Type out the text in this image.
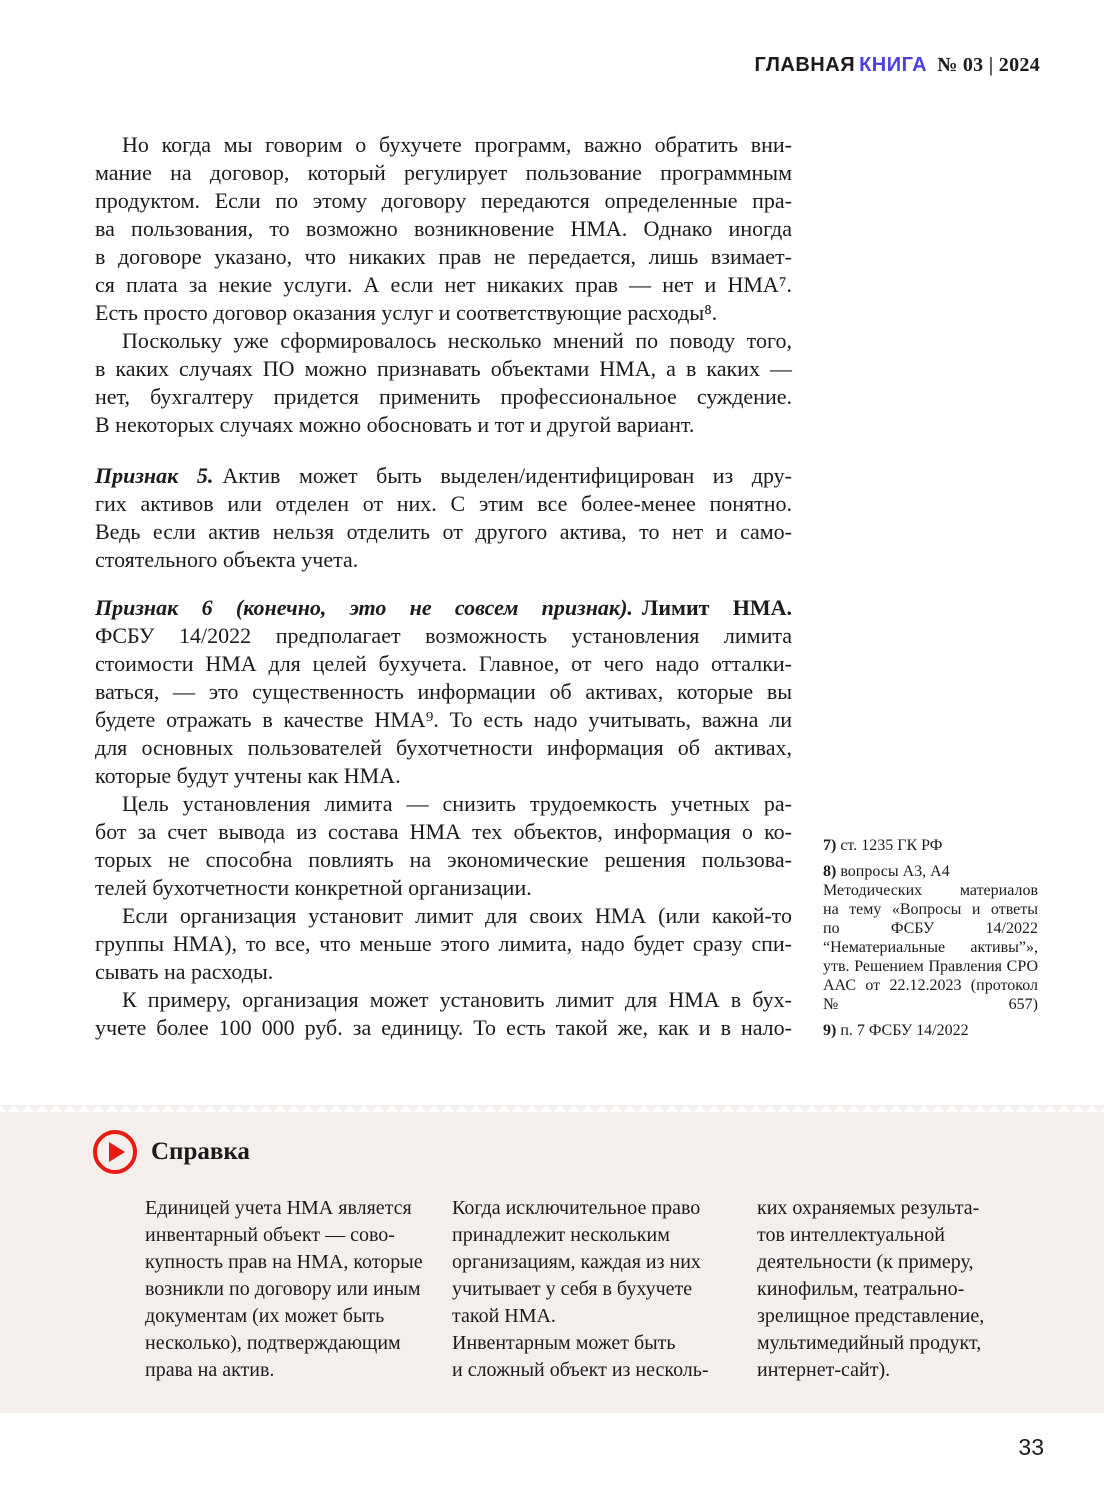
ГЛАВНАЯ КНИГА № 03 | 2024
Но когда мы говорим о бухучете программ, важно обратить вни-
мание на договор, который регулирует пользование программным
продуктом. Если по этому договору передаются определенные пра-
ва пользования, то возможно возникновение НМА. Однако иногда
в договоре указано, что никаких прав не передается, лишь взимает-
ся плата за некие услуги. А если нет никаких прав — нет и НМА⁷.
Есть просто договор оказания услуг и соответствующие расходы⁸.
Поскольку уже сформировалось несколько мнений по поводу того,
в каких случаях ПО можно признавать объектами НМА, а в каких —
нет, бухгалтеру придется применить профессиональное суждение.
В некоторых случаях можно обосновать и тот и другой вариант.
Признак 5. Актив может быть выделен/идентифицирован из дру-
гих активов или отделен от них. С этим все более-менее понятно.
Ведь если актив нельзя отделить от другого актива, то нет и само-
стоятельного объекта учета.
Признак 6 (конечно, это не совсем признак). Лимит НМА.
ФСБУ 14/2022 предполагает возможность установления лимита
стоимости НМА для целей бухучета. Главное, от чего надо отталки-
ваться, — это существенность информации об активах, которые вы
будете отражать в качестве НМА⁹. То есть надо учитывать, важна ли
для основных пользователей бухотчетности информация об активах,
которые будут учтены как НМА.
Цель установления лимита — снизить трудоемкость учетных ра-
бот за счет вывода из состава НМА тех объектов, информация о ко-
торых не способна повлиять на экономические решения пользова-
телей бухотчетности конкретной организации.
Если организация установит лимит для своих НМА (или какой-то
группы НМА), то все, что меньше этого лимита, надо будет сразу спи-
сывать на расходы.
К примеру, организация может установить лимит для НМА в бух-
учете более 100 000 руб. за единицу. То есть такой же, как и в нало-
7) ст. 1235 ГК РФ
8) вопросы А3, А4
Методических материалов
на тему «Вопросы и ответы
по ФСБУ 14/2022
“Нематериальные активы”»,
утв. Решением Правления СРО
ААС от 22.12.2023 (протокол
№ 657)
9) п. 7 ФСБУ 14/2022
Справка
Единицей учета НМА является
инвентарный объект — сово-
купность прав на НМА, которые
возникли по договору или иным
документам (их может быть
несколько), подтверждающим
права на актив.
Когда исключительное право
принадлежит нескольким
организациям, каждая из них
учитывает у себя в бухучете
такой НМА.
Инвентарным может быть
и сложный объект из несколь-
ких охраняемых результа-
тов интеллектуальной
деятельности (к примеру,
кинофильм, театрально-
зрелищное представление,
мультимедийный продукт,
интернет-сайт).
33
